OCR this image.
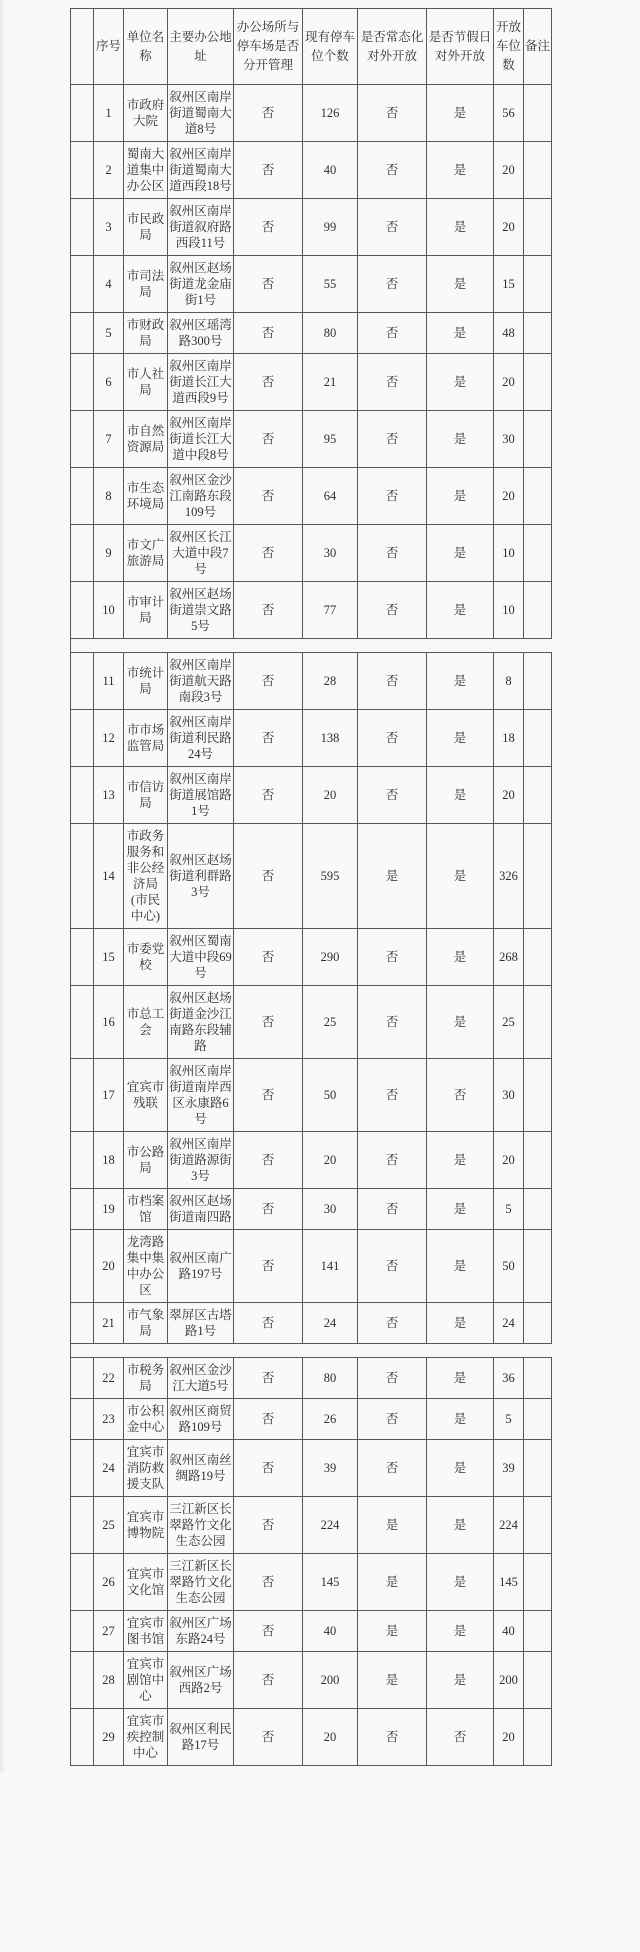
	序号	单位名称	主要办公地址	办公场所与停车场是否分开管理	现有停车位个数	是否常态化对外开放	是否节假日对外开放	开放车位数	备注
	1	市政府大院	叙州区南岸街道蜀南大道8号	否	126	否	是	56	
	2	蜀南大道集中办公区	叙州区南岸街道蜀南大道西段18号	否	40	否	是	20	
	3	市民政局	叙州区南岸街道叙府路西段11号	否	99	否	是	20	
	4	市司法局	叙州区赵场街道龙金庙街1号	否	55	否	是	15	
	5	市财政局	叙州区瑶湾路300号	否	80	否	是	48	
	6	市人社局	叙州区南岸街道长江大道西段9号	否	21	否	是	20	
	7	市自然资源局	叙州区南岸街道长江大道中段8号	否	95	否	是	30	
	8	市生态环境局	叙州区金沙江南路东段109号	否	64	否	是	20	
	9	市文广旅游局	叙州区长江大道中段7号	否	30	否	是	10	
	10	市审计局	叙州区赵场街道崇文路5号	否	77	否	是	10	
	11	市统计局	叙州区南岸街道航天路南段3号	否	28	否	是	8	
	12	市市场监管局	叙州区南岸街道利民路24号	否	138	否	是	18	
	13	市信访局	叙州区南岸街道展馆路1号	否	20	否	是	20	
	14	市政务服务和非公经济局(市民中心)	叙州区赵场街道利群路3号	否	595	是	是	326	
	15	市委党校	叙州区蜀南大道中段69号	否	290	否	是	268	
	16	市总工会	叙州区赵场街道金沙江南路东段辅路	否	25	否	是	25	
	17	宜宾市残联	叙州区南岸街道南岸西区永康路6号	否	50	否	否	30	
	18	市公路局	叙州区南岸街道路源街3号	否	20	否	是	20	
	19	市档案馆	叙州区赵场街道南四路	否	30	否	是	5	
	20	龙湾路集中集中办公区	叙州区南广路197号	否	141	否	是	50	
	21	市气象局	翠屏区古塔路1号	否	24	否	是	24	
	22	市税务局	叙州区金沙江大道5号	否	80	否	是	36	
	23	市公积金中心	叙州区商贸路109号	否	26	否	是	5	
	24	宜宾市消防救援支队	叙州区南丝绸路19号	否	39	否	是	39	
	25	宜宾市博物院	三江新区长翠路竹文化生态公园	否	224	是	是	224	
	26	宜宾市文化馆	三江新区长翠路竹文化生态公园	否	145	是	是	145	
	27	宜宾市图书馆	叙州区广场东路24号	否	40	是	是	40	
	28	宜宾市剧馆中心	叙州区广场西路2号	否	200	是	是	200	
	29	宜宾市疾控制中心	叙州区利民路17号	否	20	否	否	20	
